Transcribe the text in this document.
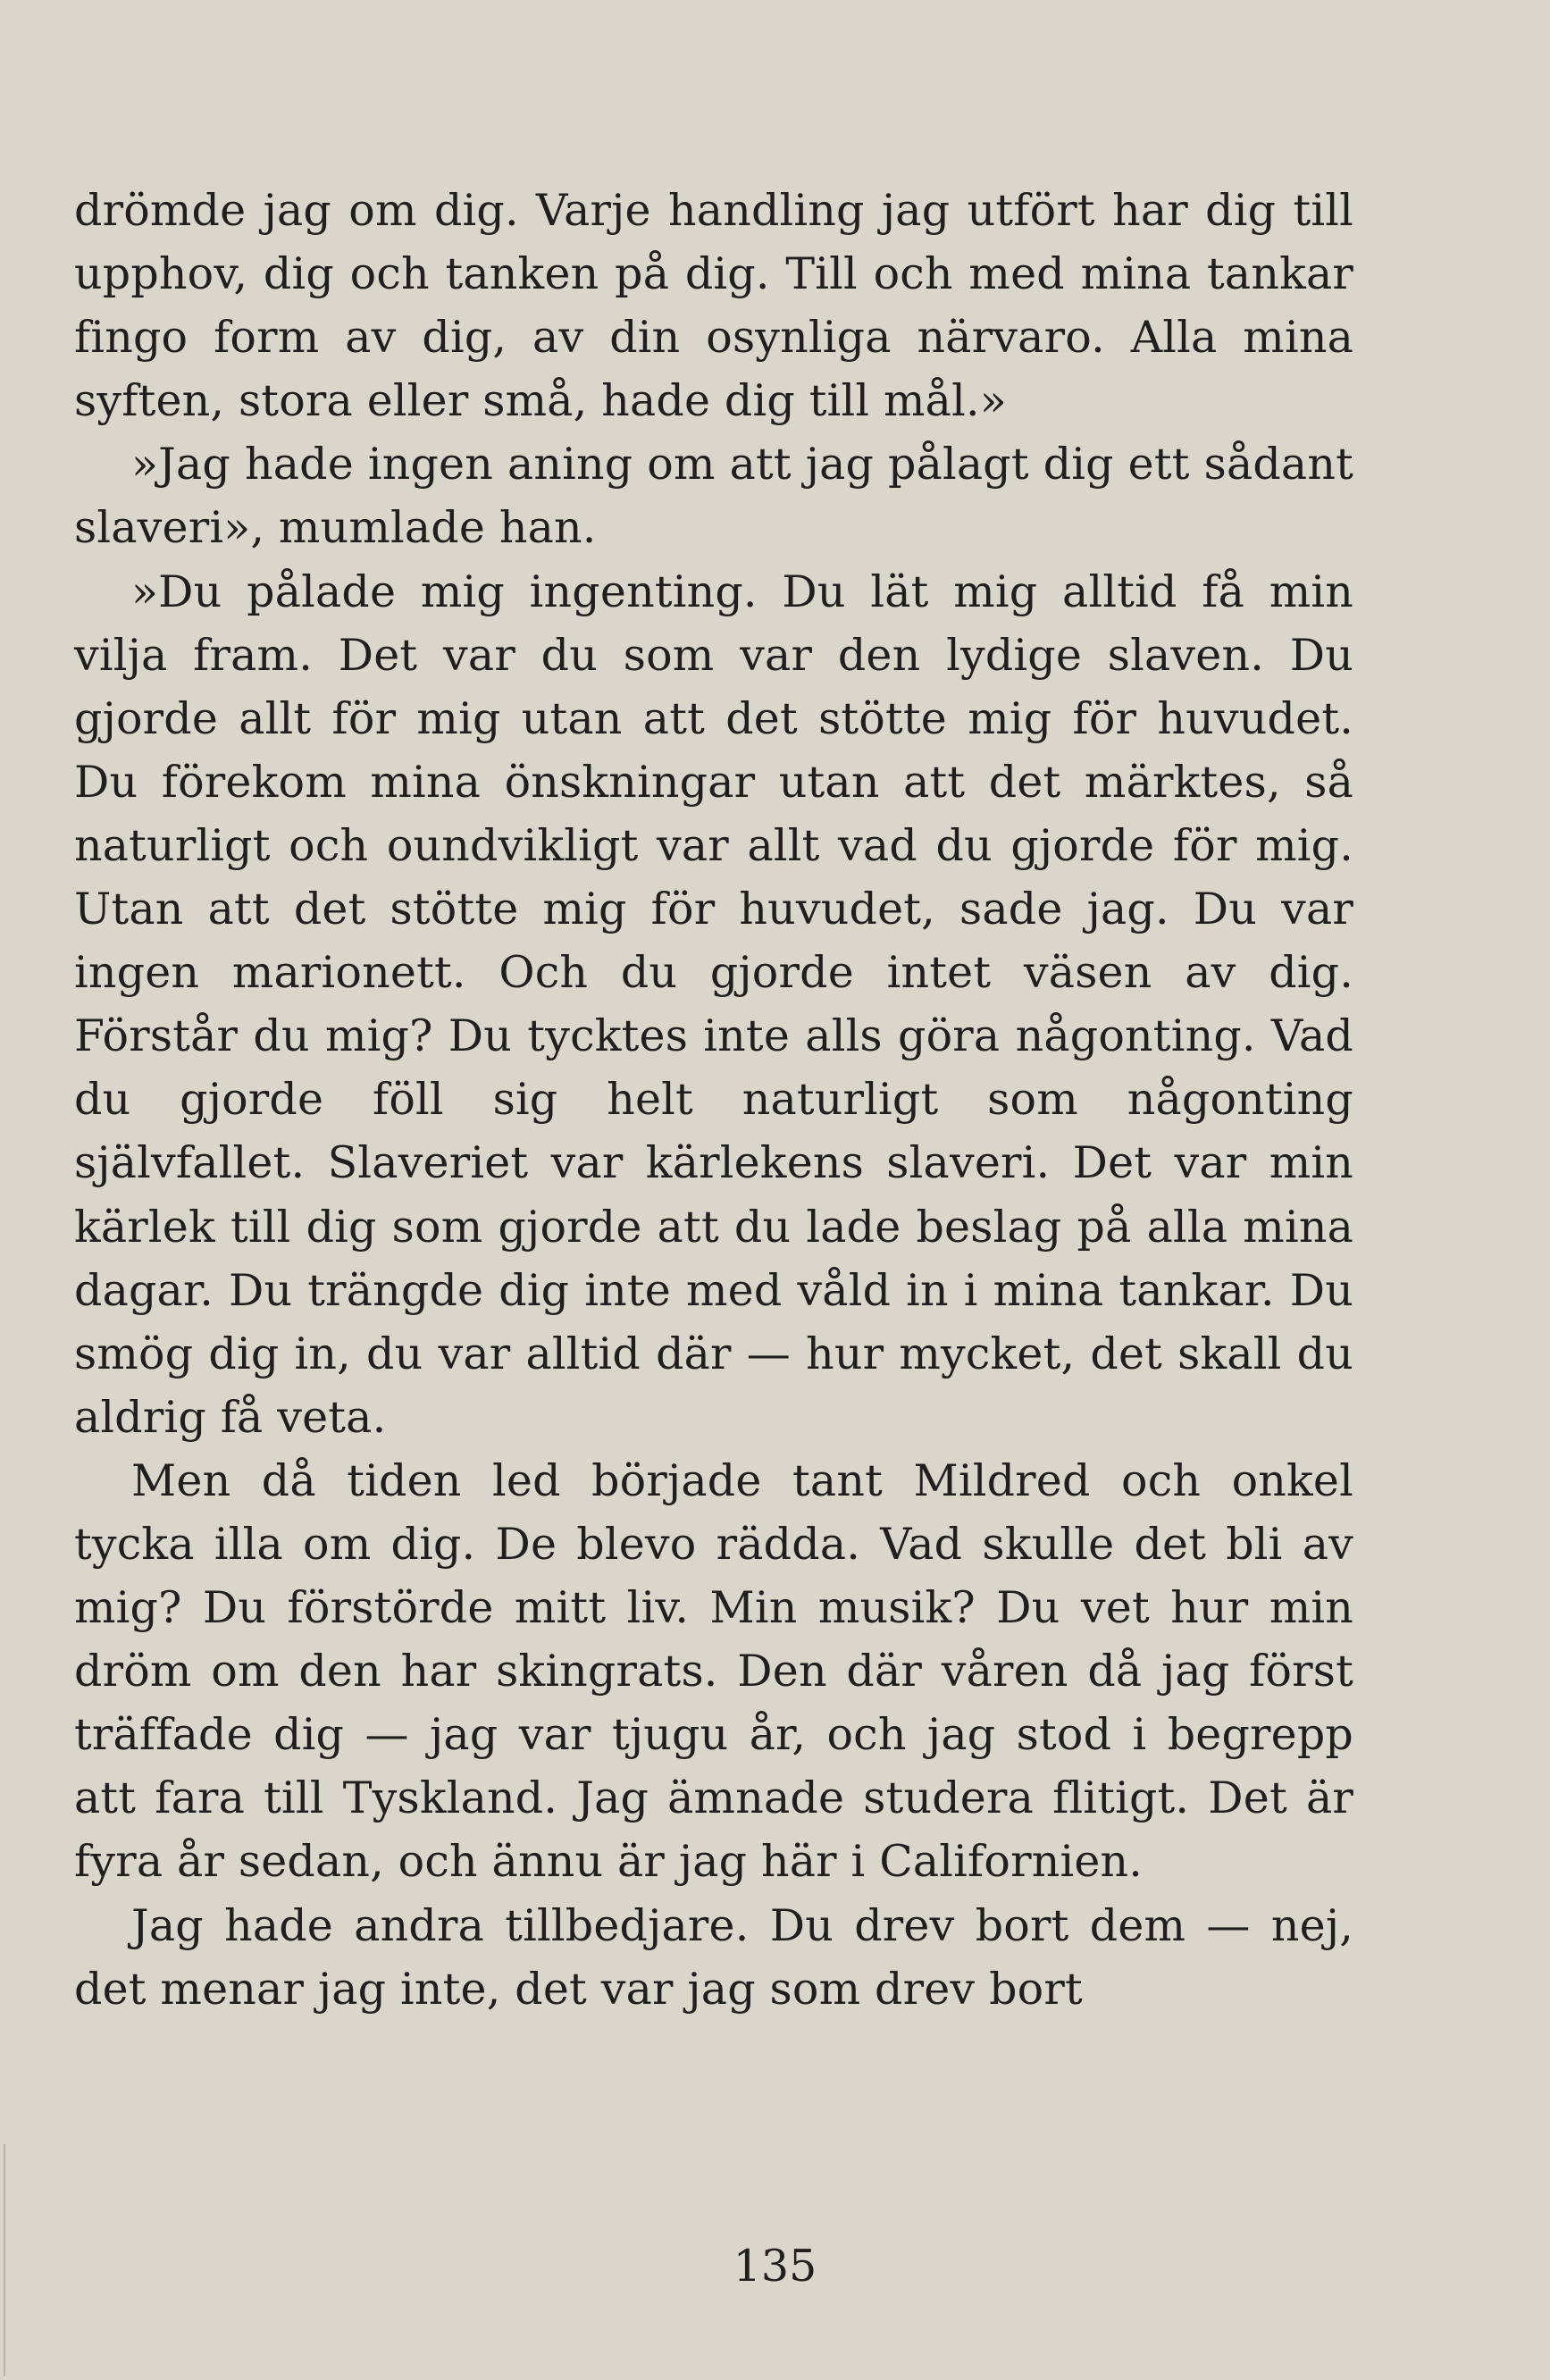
drömde jag om dig. Varje handling jag utfört har dig till upphov, dig och tanken på dig. Till och med mina tankar fingo form av dig, av din osynliga närvaro. Alla mina syften, stora eller små, hade dig till mål.»

»Jag hade ingen aning om att jag pålagt dig ett sådant slaveri», mumlade han.

»Du pålade mig ingenting. Du lät mig alltid få min vilja fram. Det var du som var den lydige slaven. Du gjorde allt för mig utan att det stötte mig för huvudet. Du förekom mina önskningar utan att det märktes, så naturligt och oundvikligt var allt vad du gjorde för mig. Utan att det stötte mig för huvudet, sade jag. Du var ingen marionett. Och du gjorde intet väsen av dig. Förstår du mig? Du tycktes inte alls göra någonting. Vad du gjorde föll sig helt naturligt som någonting självfallet. Slaveriet var kärlekens slaveri. Det var min kärlek till dig som gjorde att du lade beslag på alla mina dagar. Du trängde dig inte med våld in i mina tankar. Du smög dig in, du var alltid där — hur mycket, det skall du aldrig få veta.

Men då tiden led började tant Mildred och onkel tycka illa om dig. De blevo rädda. Vad skulle det bli av mig? Du förstörde mitt liv. Min musik? Du vet hur min dröm om den har skingrats. Den där våren då jag först träffade dig — jag var tjugu år, och jag stod i begrepp att fara till Tyskland. Jag ämnade studera flitigt. Det är fyra år sedan, och ännu är jag här i Californien.

Jag hade andra tillbedjare. Du drev bort dem — nej, det menar jag inte, det var jag som drev bort

135
